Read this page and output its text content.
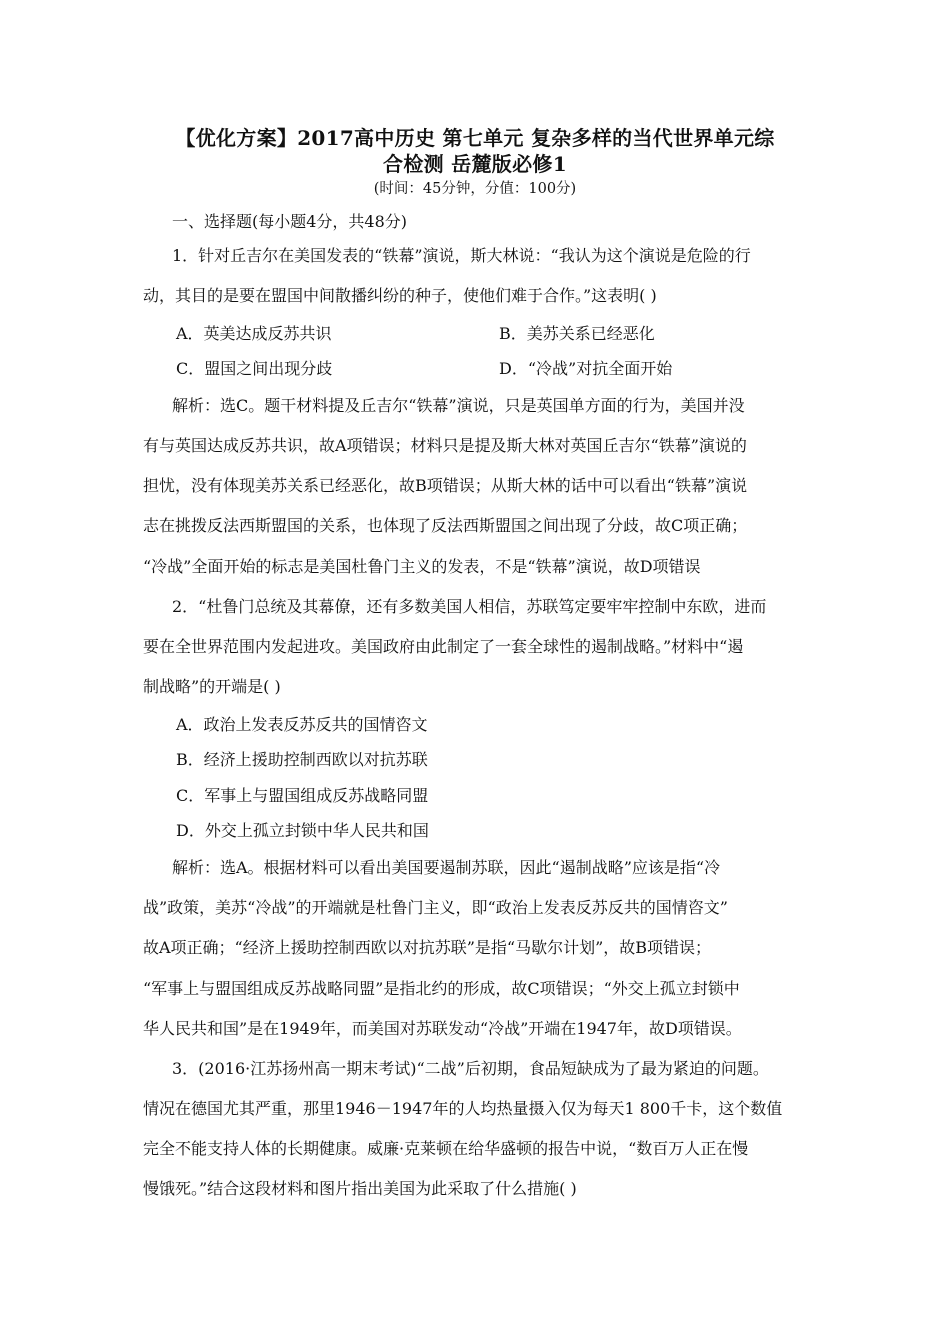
【优化方案】2017高中历史 第七单元 复杂多样的当代世界单元综
合检测 岳麓版必修1
(时间：45分钟，分值：100分)
一、选择题(每小题4分，共48分)
1．针对丘吉尔在美国发表的“铁幕”演说，斯大林说：“我认为这个演说是危险的行
动，其目的是要在盟国中间散播纠纷的种子，使他们难于合作。”这表明( )
A．英美达成反苏共识	B．美苏关系已经恶化
C．盟国之间出现分歧	D．“冷战”对抗全面开始
解析：选C。题干材料提及丘吉尔“铁幕”演说，只是英国单方面的行为，美国并没
有与英国达成反苏共识，故A项错误；材料只是提及斯大林对英国丘吉尔“铁幕”演说的
担忧，没有体现美苏关系已经恶化，故B项错误；从斯大林的话中可以看出“铁幕”演说
志在挑拨反法西斯盟国的关系，也体现了反法西斯盟国之间出现了分歧，故C项正确；
“冷战”全面开始的标志是美国杜鲁门主义的发表，不是“铁幕”演说，故D项错误
2．“杜鲁门总统及其幕僚，还有多数美国人相信，苏联笃定要牢牢控制中东欧，进而
要在全世界范围内发起进攻。美国政府由此制定了一套全球性的遏制战略。”材料中“遏
制战略”的开端是( )
A．政治上发表反苏反共的国情咨文
B．经济上援助控制西欧以对抗苏联
C．军事上与盟国组成反苏战略同盟
D．外交上孤立封锁中华人民共和国
解析：选A。根据材料可以看出美国要遏制苏联，因此“遏制战略”应该是指“冷
战”政策，美苏“冷战”的开端就是杜鲁门主义，即“政治上发表反苏反共的国情咨文”
故A项正确；“经济上援助控制西欧以对抗苏联”是指“马歇尔计划”，故B项错误；
“军事上与盟国组成反苏战略同盟”是指北约的形成，故C项错误；“外交上孤立封锁中
华人民共和国”是在1949年，而美国对苏联发动“冷战”开端在1947年，故D项错误。
3．(2016·江苏扬州高一期末考试)“二战”后初期，食品短缺成为了最为紧迫的问题。
情况在德国尤其严重，那里1946－1947年的人均热量摄入仅为每天1 800千卡，这个数值
完全不能支持人体的长期健康。威廉·克莱顿在给华盛顿的报告中说，“数百万人正在慢
慢饿死。”结合这段材料和图片指出美国为此采取了什么措施( )
